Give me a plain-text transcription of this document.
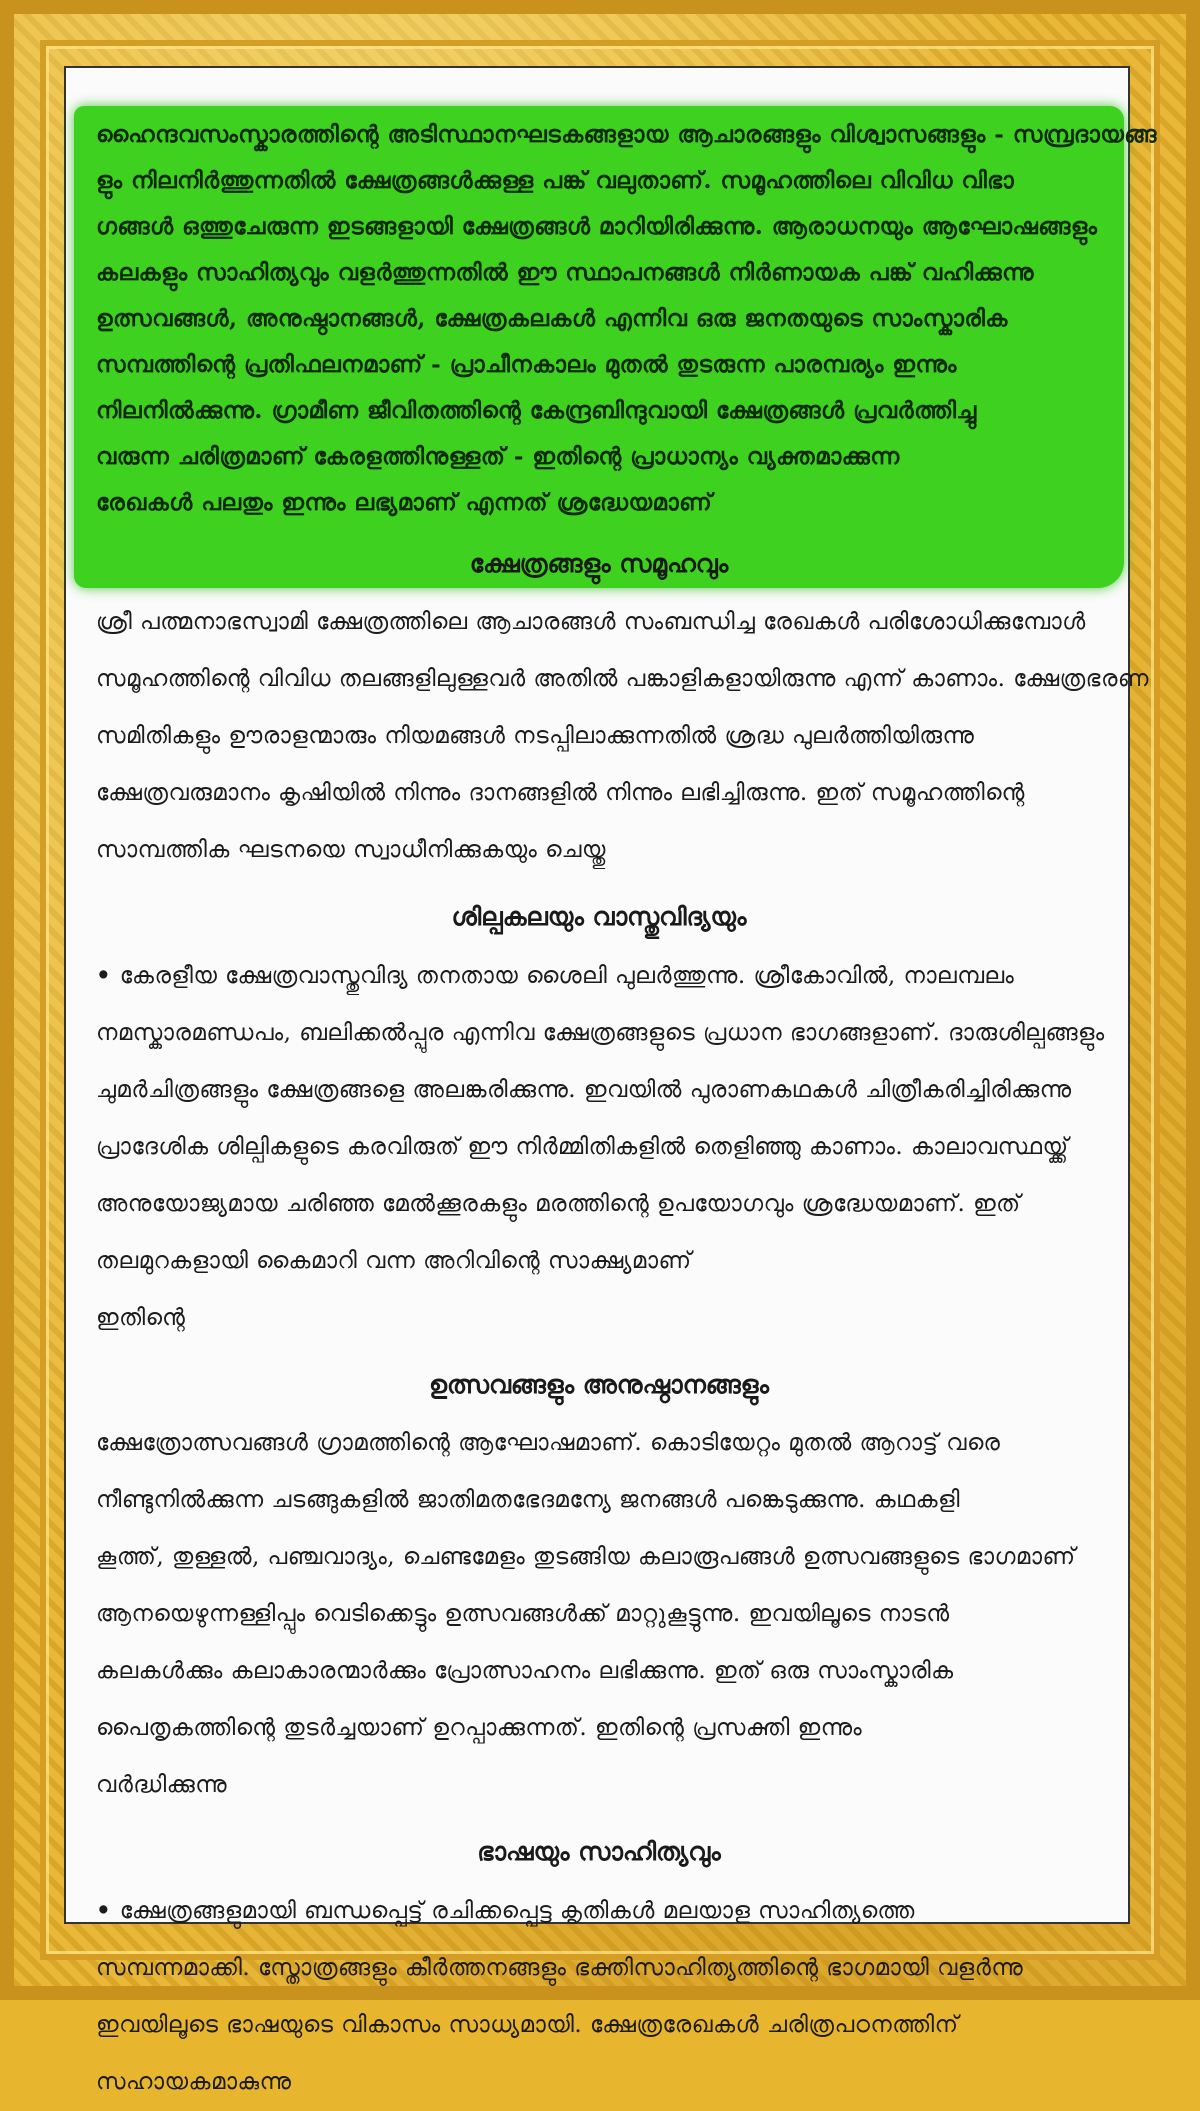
ഹൈന്ദവസംസ്കാരത്തിന്റെ അടിസ്ഥാനഘടകങ്ങളായ ആചാരങ്ങളും വിശ്വാസങ്ങളും - സമ്പ്രദായങ്ങ
ളും നിലനിർത്തുന്നതിൽ ക്ഷേത്രങ്ങൾക്കുള്ള പങ്ക് വലുതാണ്. സമൂഹത്തിലെ വിവിധ വിഭാ
ഗങ്ങൾ ഒത്തുചേരുന്ന ഇടങ്ങളായി ക്ഷേത്രങ്ങൾ മാറിയിരിക്കുന്നു. ആരാധനയും ആഘോഷങ്ങളും
കലകളും സാഹിത്യവും വളർത്തുന്നതിൽ ഈ സ്ഥാപനങ്ങൾ നിർണായക പങ്ക് വഹിക്കുന്നു
ഉത്സവങ്ങൾ, അനുഷ്ഠാനങ്ങൾ, ക്ഷേത്രകലകൾ എന്നിവ ഒരു ജനതയുടെ സാംസ്കാരിക
സമ്പത്തിന്റെ പ്രതിഫലനമാണ് - പ്രാചീനകാലം മുതൽ തുടരുന്ന പാരമ്പര്യം ഇന്നും
നിലനിൽക്കുന്നു. ഗ്രാമീണ ജീവിതത്തിന്റെ കേന്ദ്രബിന്ദുവായി ക്ഷേത്രങ്ങൾ പ്രവർത്തിച്ചു
വരുന്ന ചരിത്രമാണ് കേരളത്തിനുള്ളത് - ഇതിന്റെ പ്രാധാന്യം വ്യക്തമാക്കുന്ന
രേഖകൾ പലതും ഇന്നും ലഭ്യമാണ് എന്നത് ശ്രദ്ധേയമാണ്
ക്ഷേത്രങ്ങളും സമൂഹവും
ശ്രീ പത്മനാഭസ്വാമി ക്ഷേത്രത്തിലെ ആചാരങ്ങൾ സംബന്ധിച്ച രേഖകൾ പരിശോധിക്കുമ്പോൾ
സമൂഹത്തിന്റെ വിവിധ തലങ്ങളിലുള്ളവർ അതിൽ പങ്കാളികളായിരുന്നു എന്ന് കാണാം. ക്ഷേത്രഭരണ
സമിതികളും ഊരാളന്മാരും നിയമങ്ങൾ നടപ്പിലാക്കുന്നതിൽ ശ്രദ്ധ പുലർത്തിയിരുന്നു
ക്ഷേത്രവരുമാനം കൃഷിയിൽ നിന്നും ദാനങ്ങളിൽ നിന്നും ലഭിച്ചിരുന്നു. ഇത് സമൂഹത്തിന്റെ
സാമ്പത്തിക ഘടനയെ സ്വാധീനിക്കുകയും ചെയ്തു
ശില്പകലയും വാസ്തുവിദ്യയും
• കേരളീയ ക്ഷേത്രവാസ്തുവിദ്യ തനതായ ശൈലി പുലർത്തുന്നു. ശ്രീകോവിൽ, നാലമ്പലം
നമസ്കാരമണ്ഡപം, ബലിക്കൽപ്പുര എന്നിവ ക്ഷേത്രങ്ങളുടെ പ്രധാന ഭാഗങ്ങളാണ്. ദാരുശില്പങ്ങളും
ചുമർചിത്രങ്ങളും ക്ഷേത്രങ്ങളെ അലങ്കരിക്കുന്നു. ഇവയിൽ പുരാണകഥകൾ ചിത്രീകരിച്ചിരിക്കുന്നു
പ്രാദേശിക ശില്പികളുടെ കരവിരുത് ഈ നിർമ്മിതികളിൽ തെളിഞ്ഞു കാണാം. കാലാവസ്ഥയ്ക്ക്
അനുയോജ്യമായ ചരിഞ്ഞ മേൽക്കൂരകളും മരത്തിന്റെ ഉപയോഗവും ശ്രദ്ധേയമാണ്. ഇത്
തലമുറകളായി കൈമാറി വന്ന അറിവിന്റെ സാക്ഷ്യമാണ്
ഇതിന്റെ
ഉത്സവങ്ങളും അനുഷ്ഠാനങ്ങളും
ക്ഷേത്രോത്സവങ്ങൾ ഗ്രാമത്തിന്റെ ആഘോഷമാണ്. കൊടിയേറ്റം മുതൽ ആറാട്ട് വരെ
നീണ്ടുനിൽക്കുന്ന ചടങ്ങുകളിൽ ജാതിമതഭേദമന്യേ ജനങ്ങൾ പങ്കെടുക്കുന്നു. കഥകളി
കൂത്ത്, തുള്ളൽ, പഞ്ചവാദ്യം, ചെണ്ടമേളം തുടങ്ങിയ കലാരൂപങ്ങൾ ഉത്സവങ്ങളുടെ ഭാഗമാണ്
ആനയെഴുന്നള്ളിപ്പും വെടിക്കെട്ടും ഉത്സവങ്ങൾക്ക് മാറ്റുകൂട്ടുന്നു. ഇവയിലൂടെ നാടൻ
കലകൾക്കും കലാകാരന്മാർക്കും പ്രോത്സാഹനം ലഭിക്കുന്നു. ഇത് ഒരു സാംസ്കാരിക
പൈതൃകത്തിന്റെ തുടർച്ചയാണ് ഉറപ്പാക്കുന്നത്. ഇതിന്റെ പ്രസക്തി ഇന്നും
വർദ്ധിക്കുന്നു
ഭാഷയും സാഹിത്യവും
• ക്ഷേത്രങ്ങളുമായി ബന്ധപ്പെട്ട് രചിക്കപ്പെട്ട കൃതികൾ മലയാള സാഹിത്യത്തെ
സമ്പന്നമാക്കി. സ്തോത്രങ്ങളും കീർത്തനങ്ങളും ഭക്തിസാഹിത്യത്തിന്റെ ഭാഗമായി വളർന്നു
ഇവയിലൂടെ ഭാഷയുടെ വികാസം സാധ്യമായി. ക്ഷേത്രരേഖകൾ ചരിത്രപഠനത്തിന്
സഹായകമാകുന്നു
